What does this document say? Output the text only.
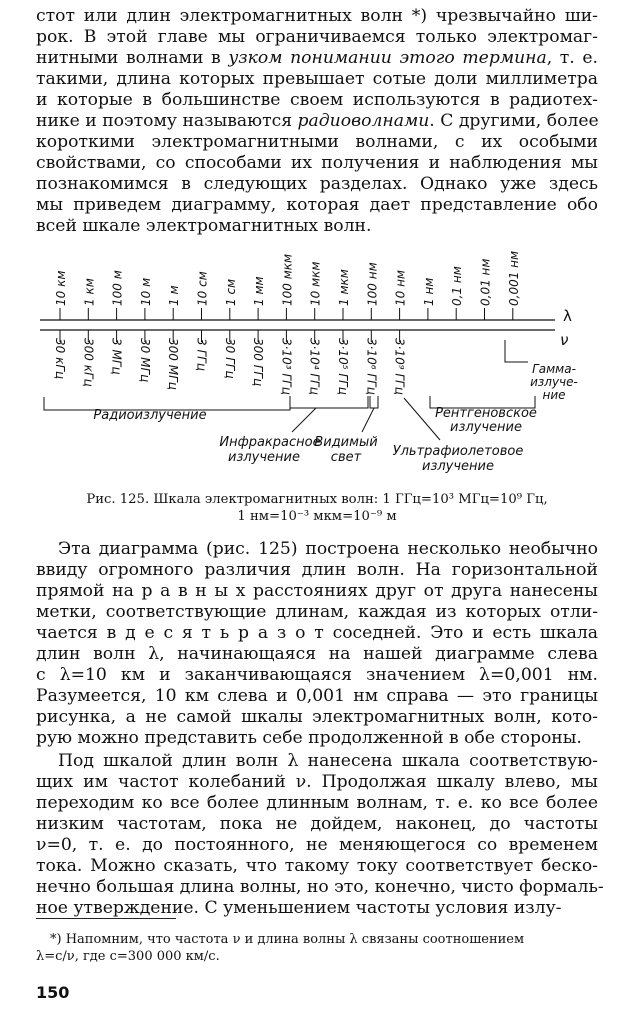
стот или длин электромагнитных волн *) чрезвычайно ши-
рок. В этой главе мы ограничиваемся только электромаг-
нитными волнами в узком понимании этого термина, т. е.
такими, длина которых превышает сотые доли миллиметра
и которые в большинстве своем используются в радиотех-
нике и поэтому называются радиоволнами. С другими, более
короткими электромагнитными волнами, с их особыми
свойствами, со способами их получения и наблюдения мы
познакомимся в следующих разделах. Однако уже здесь
мы приведем диаграмму, которая дает представление обо
всей шкале электромагнитных волн.
10 км 1 км 100 м 10 м 1 м 10 см 1 см 1 мм 100 мкм 10 мкм 1 мкм 100 нм 10 нм 1 нм 0,1 нм 0,01 нм 0,001 нм
λ
ν
30 кГц 300 кГц 3 МГц 30 МГц 300 МГц 3 ГГц 30 ГГц 300 ГГц 3·10³ ГГц 3·10⁴ ГГц 3·10⁵ ГГц 3·10⁶ ГГц 3·10⁹ ГГц
Радиоизлучение
Инфракрасное
излучение
Видимый
свет Ультрафиолетовое
излучение
Рентгеновское
излучение
Гамма-
излуче-
ние

Рис. 125. Шкала электромагнитных волн: 1 ГГц=10³ МГц=10⁹ Гц,

1 нм=10⁻³ мкм=10⁻⁹ м

Эта диаграмма (рис. 125) построена несколько необычно
ввиду огромного различия длин волн. На горизонтальной
прямой на р а в н ы х расстояниях друг от друга нанесены
метки, соответствующие длинам, каждая из которых отли-
чается в д е с я т ь р а з о т соседней. Это и есть шкала
длин волн λ, начинающаяся на нашей диаграмме слева
с λ=10 км и заканчивающаяся значением λ=0,001 нм.
Разумеется, 10 км слева и 0,001 нм справа — это границы
рисунка, а не самой шкалы электромагнитных волн, кото-
рую можно представить себе продолженной в обе стороны.
Под шкалой длин волн λ нанесена шкала соответствую-
щих им частот колебаний ν. Продолжая шкалу влево, мы
переходим ко все более длинным волнам, т. е. ко все более
низким частотам, пока не дойдем, наконец, до частоты
ν=0, т. е. до постоянного, не меняющегося со временем
тока. Можно сказать, что такому току соответствует беско-
нечно большая длина волны, но это, конечно, чисто формаль-
ное утверждение. С уменьшением частоты условия излу-

*) Напомним, что частота ν и длина волны λ связаны соотношением

λ=c/ν, где c=300 000 км/с.

150
